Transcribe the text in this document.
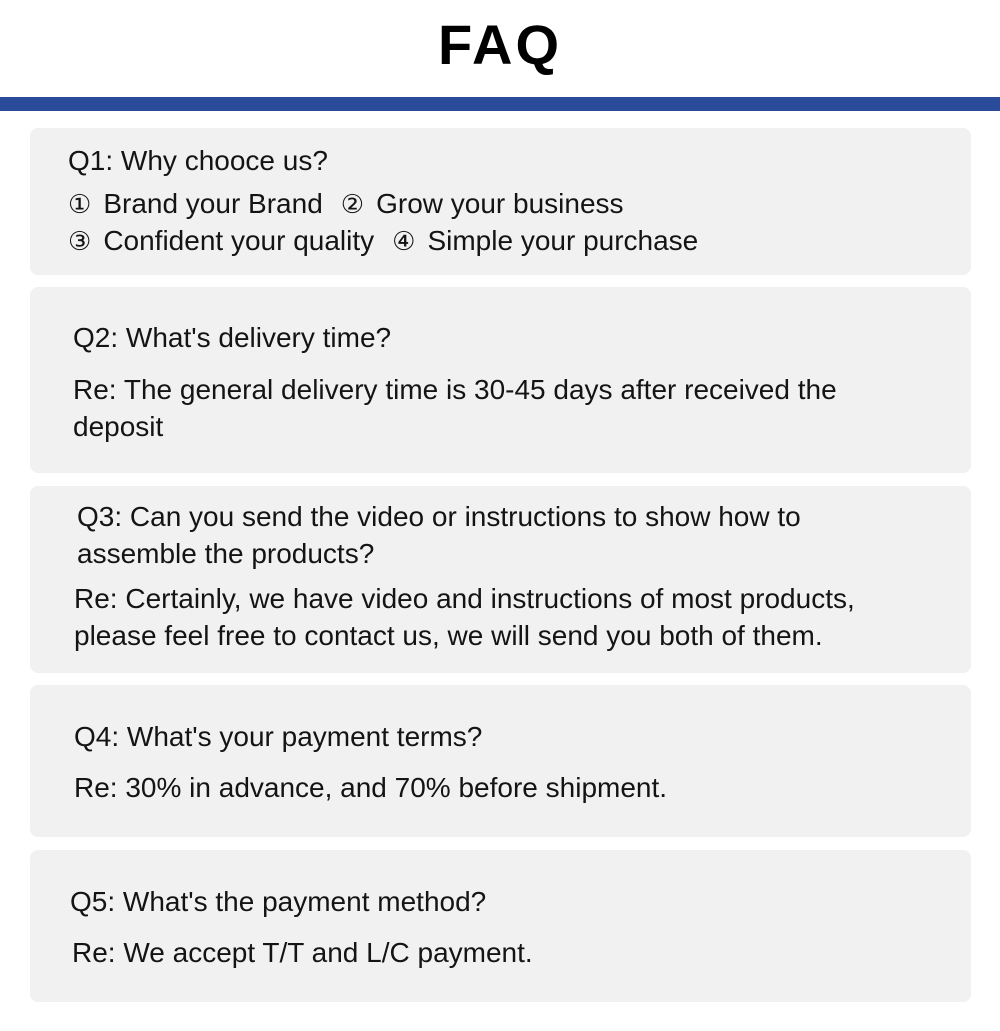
FAQ
Q1: Why chooce us?
① Brand your Brand ② Grow your business
③ Confident your quality ④ Simple your purchase
Q2: What's delivery time?
Re: The general delivery time is 30-45 days after received the
deposit
Q3: Can you send the video or instructions to show how to
assemble the products?
Re: Certainly, we have video and instructions of most products,
please feel free to contact us, we will send you both of them.
Q4: What's your payment terms?
Re: 30% in advance, and 70% before shipment.
Q5: What's the payment method?
Re: We accept T/T and L/C payment.
